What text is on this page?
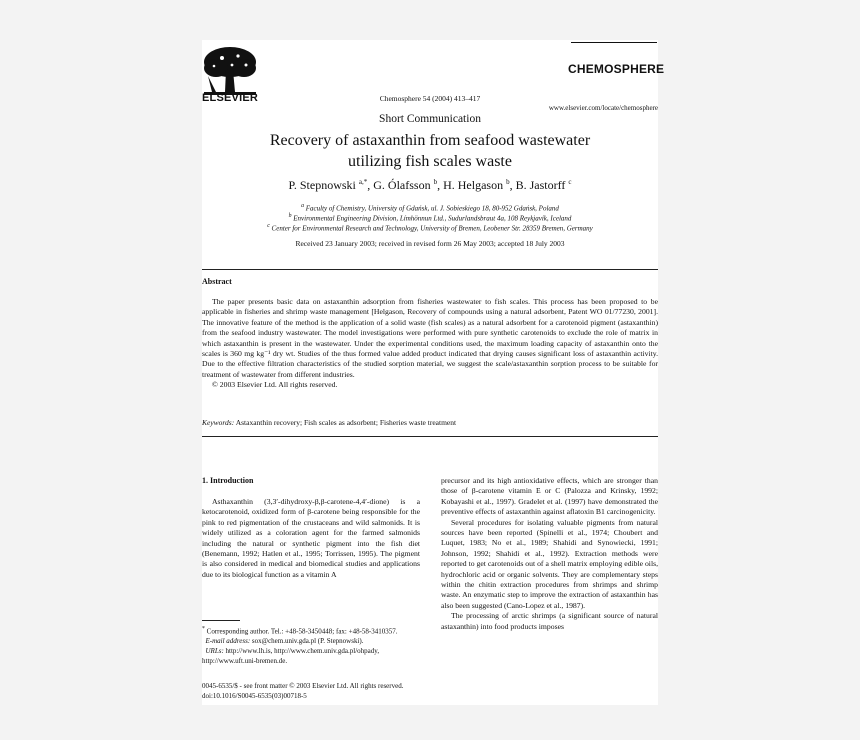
ELSEVIER
CHEMOSPHERE
Chemosphere 54 (2004) 413–417
www.elsevier.com/locate/chemosphere
Short Communication
Recovery of astaxanthin from seafood wastewater
utilizing fish scales waste
P. Stepnowski $^{a,*}$, G. Ólafsson $^b$, H. Helgason $^b$, B. Jastorff $^c$
$^a$ Faculty of Chemistry, University of Gdańsk, ul. J. Sobieskiego 18, 80-952 Gdańsk, Poland
$^b$ Environmental Engineering Division, Límhönnun Ltd., Sudurlandsbraut 4a, 108 Reykjavík, Iceland
$^c$ Center for Environmental Research and Technology, University of Bremen, Leobener Str. 28359 Bremen, Germany
Received 23 January 2003; received in revised form 26 May 2003; accepted 18 July 2003
Abstract
The paper presents basic data on astaxanthin adsorption from fisheries wastewater to fish scales. This process has been proposed to be applicable in fisheries and shrimp waste management [Helgason, Recovery of compounds using a natural adsorbent, Patent WO 01/77230, 2001]. The innovative feature of the method is the application of a solid waste (fish scales) as a natural adsorbent for a carotenoid pigment (astaxanthin) from the seafood industry wastewater. The model investigations were performed with pure synthetic carotenoids to exclude the role of matrix in which astaxanthin is present in the wastewater. Under the experimental conditions used, the maximum loading capacity of astaxanthin onto the scales is 360 mg kg⁻¹ dry wt. Studies of the thus formed value added product indicated that drying causes significant loss of astaxanthin activity. Due to the effective filtration characteristics of the studied sorption material, we suggest the scale/astaxanthin sorption process to be suitable for treatment of wastewater from different industries.
© 2003 Elsevier Ltd. All rights reserved.
Keywords: Astaxanthin recovery; Fish scales as adsorbent; Fisheries waste treatment
1. Introduction

Asthaxanthin (3,3′-dihydroxy-β,β-carotene-4,4′-dione) is a ketocarotenoid, oxidized form of β-carotene being responsible for the pink to red pigmentation of the crustaceans and wild salmonids. It is widely utilized as a coloration agent for the farmed salmonids including the natural or synthetic pigment into the fish diet (Benemann, 1992; Hatlen et al., 1995; Torrissen, 1995). The pigment is also considered in medical and biomedical studies and applications due to its biological function as a vitamin A

precursor and its high antioxidative effects, which are stronger than those of β-carotene vitamin E or C (Palozza and Krinsky, 1992; Kobayashi et al., 1997). Gradelet et al. (1997) have demonstrated the preventive effects of astaxanthin against aflatoxin B1 carcinogenicity.

Several procedures for isolating valuable pigments from natural sources have been reported (Spinelli et al., 1974; Choubert and Luquet, 1983; No et al., 1989; Shahidi and Synowiecki, 1991; Johnson, 1992; Shahidi et al., 1992). Extraction methods were reported to get carotenoids out of a shell matrix employing edible oils, hydrochloric acid or organic solvents. They are complementary steps within the chitin extraction procedures from shrimps and shrimp waste. An enzymatic step to improve the extraction of astaxanthin has also been suggested (Cano-Lopez et al., 1987).

The processing of arctic shrimps (a significant source of natural astaxanthin) into food products imposes

* Corresponding author. Tel.: +48-58-3450448; fax: +48-58-3410357.

E-mail address: sox@chem.univ.gda.pl (P. Stepnowski).

URLs: http://www.lh.is, http://www.chem.univ.gda.pl/ohpady, http://www.uft.uni-bremen.de.

0045-6535/$ - see front matter © 2003 Elsevier Ltd. All rights reserved.
doi:10.1016/S0045-6535(03)00718-5
